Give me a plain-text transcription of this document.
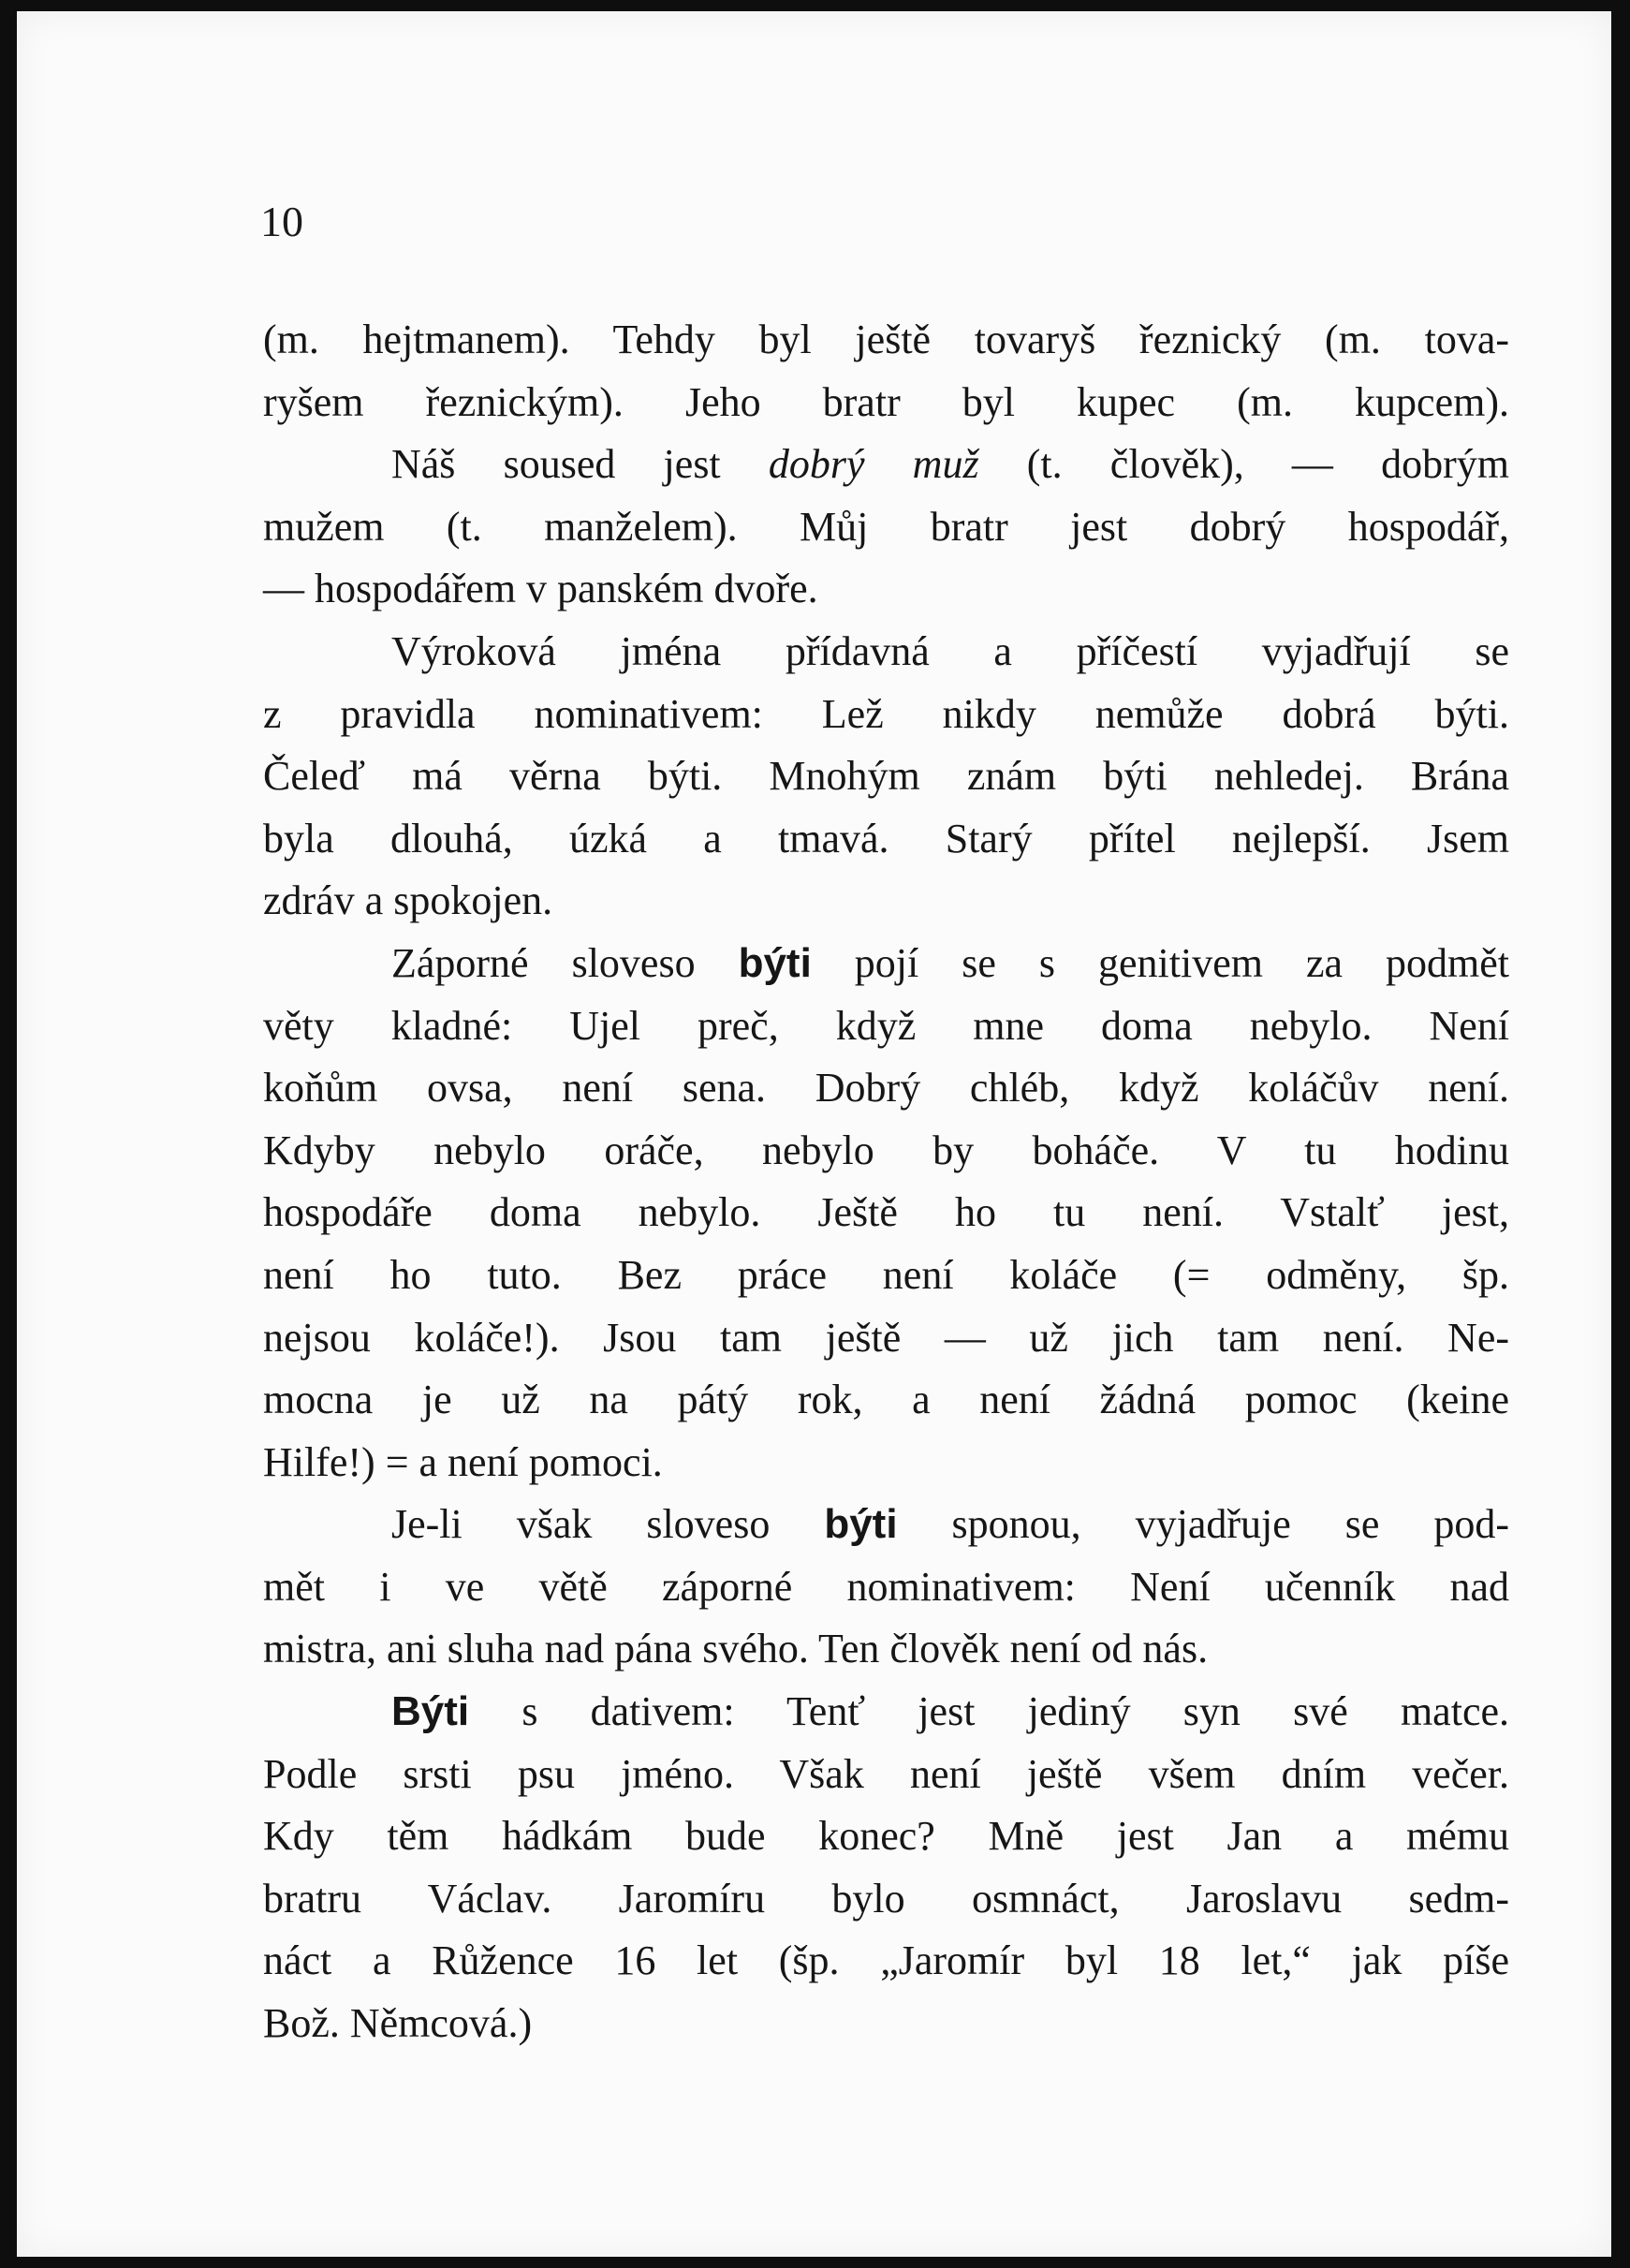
10

(m. hejtmanem). Tehdy byl ještě tovaryš řeznický (m. tova-
ryšem řeznickým). Jeho bratr byl kupec (m. kupcem).

Náš soused jest dobrý muž (t. člověk), — dobrým
mužem (t. manželem). Můj bratr jest dobrý hospodář,
— hospodářem v panském dvoře.

Výroková jména přídavná a příčestí vyjadřují se
z pravidla nominativem: Lež nikdy nemůže dobrá býti.
Čeleď má věrna býti. Mnohým znám býti nehledej. Brána
byla dlouhá, úzká a tmavá. Starý přítel nejlepší. Jsem
zdráv a spokojen.

Záporné sloveso býti pojí se s genitivem za podmět
věty kladné: Ujel preč, když mne doma nebylo. Není
koňům ovsa, není sena. Dobrý chléb, když koláčův není.
Kdyby nebylo oráče, nebylo by boháče. V tu hodinu
hospodáře doma nebylo. Ještě ho tu není. Vstalť jest,
není ho tuto. Bez práce není koláče (= odměny, šp.
nejsou koláče!). Jsou tam ještě — už jich tam není. Ne-
mocna je už na pátý rok, a není žádná pomoc (keine
Hilfe!) = a není pomoci.

Je-li však sloveso býti sponou, vyjadřuje se pod-
mět i ve větě záporné nominativem: Není učenník nad
mistra, ani sluha nad pána svého. Ten člověk není od nás.

Býti s dativem: Tenť jest jediný syn své matce.
Podle srsti psu jméno. Však není ještě všem dním večer.
Kdy těm hádkám bude konec? Mně jest Jan a mému
bratru Václav. Jaromíru bylo osmnáct, Jaroslavu sedm-
náct a Růžence 16 let (šp. „Jaromír byl 18 let,“ jak píše
Bož. Němcová.)
